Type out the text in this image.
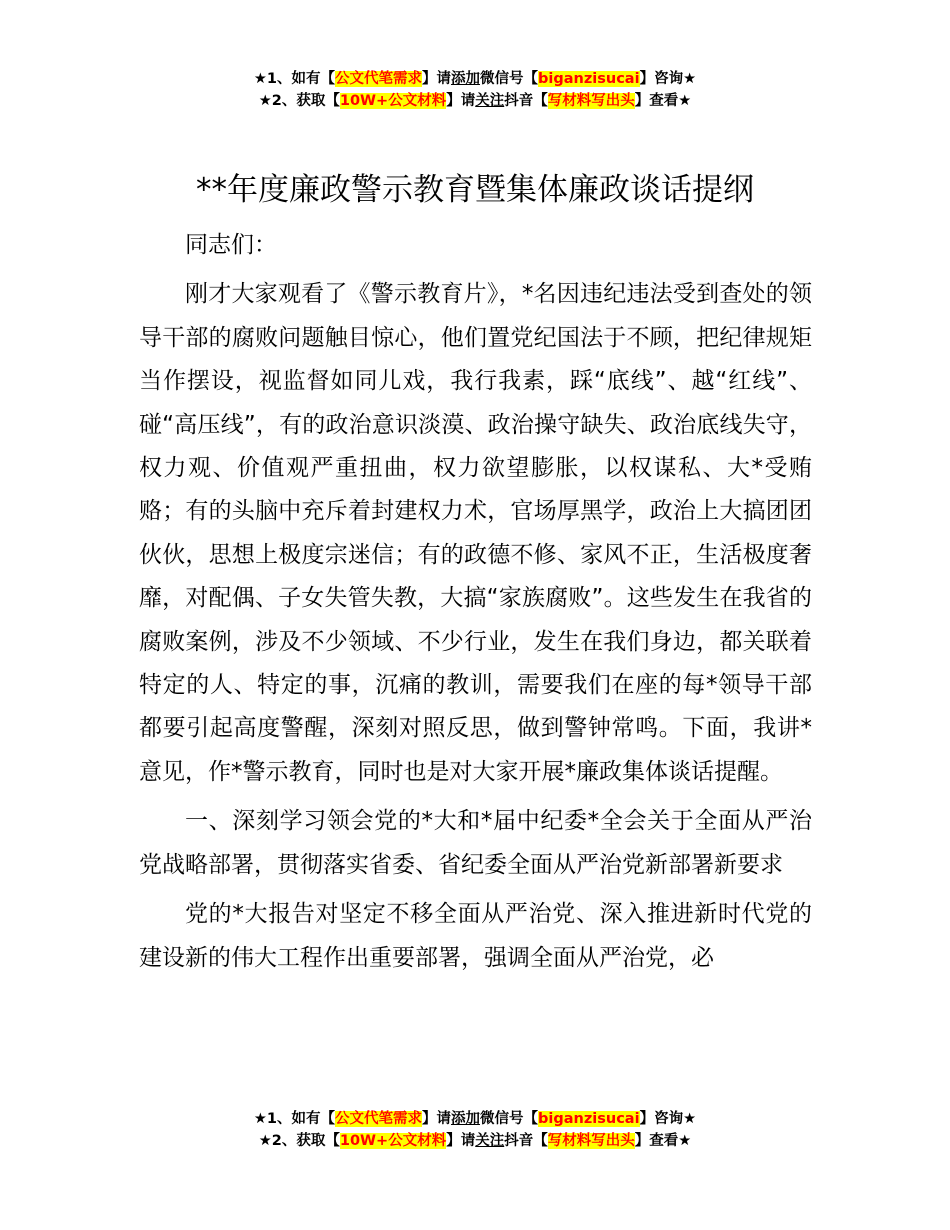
★1、如有【公文代笔需求】请添加微信号【biganzisucai】咨询★
★2、获取【10W+公文材料】请关注抖音【写材料写出头】查看★
**年度廉政警示教育暨集体廉政谈话提纲

同志们：

刚才大家观看了《警示教育片》，*名因违纪违法受到查处的领导干部的腐败问题触目惊心，他们置党纪国法于不顾，把纪律规矩当作摆设，视监督如同儿戏，我行我素，踩“底线”、越“红线”、碰“高压线”，有的政治意识淡漠、政治操守缺失、政治底线失守，权力观、价值观严重扭曲，权力欲望膨胀，以权谋私、大*受贿赂；有的头脑中充斥着封建权力术，官场厚黑学，政治上大搞团团伙伙，思想上极度宗迷信；有的政德不修、家风不正，生活极度奢靡，对配偶、子女失管失教，大搞“家族腐败”。这些发生在我省的腐败案例，涉及不少领域、不少行业，发生在我们身边，都关联着特定的人、特定的事，沉痛的教训，需要我们在座的每*领导干部都要引起高度警醒，深刻对照反思，做到警钟常鸣。下面，我讲*意见，作*警示教育，同时也是对大家开展*廉政集体谈话提醒。

一、深刻学习领会党的*大和*届中纪委*全会关于全面从严治党战略部署，贯彻落实省委、省纪委全面从严治党新部署新要求

党的*大报告对坚定不移全面从严治党、深入推进新时代党的建设新的伟大工程作出重要部署，强调全面从严治党，必

★1、如有【公文代笔需求】请添加微信号【biganzisucai】咨询★
★2、获取【10W+公文材料】请关注抖音【写材料写出头】查看★
